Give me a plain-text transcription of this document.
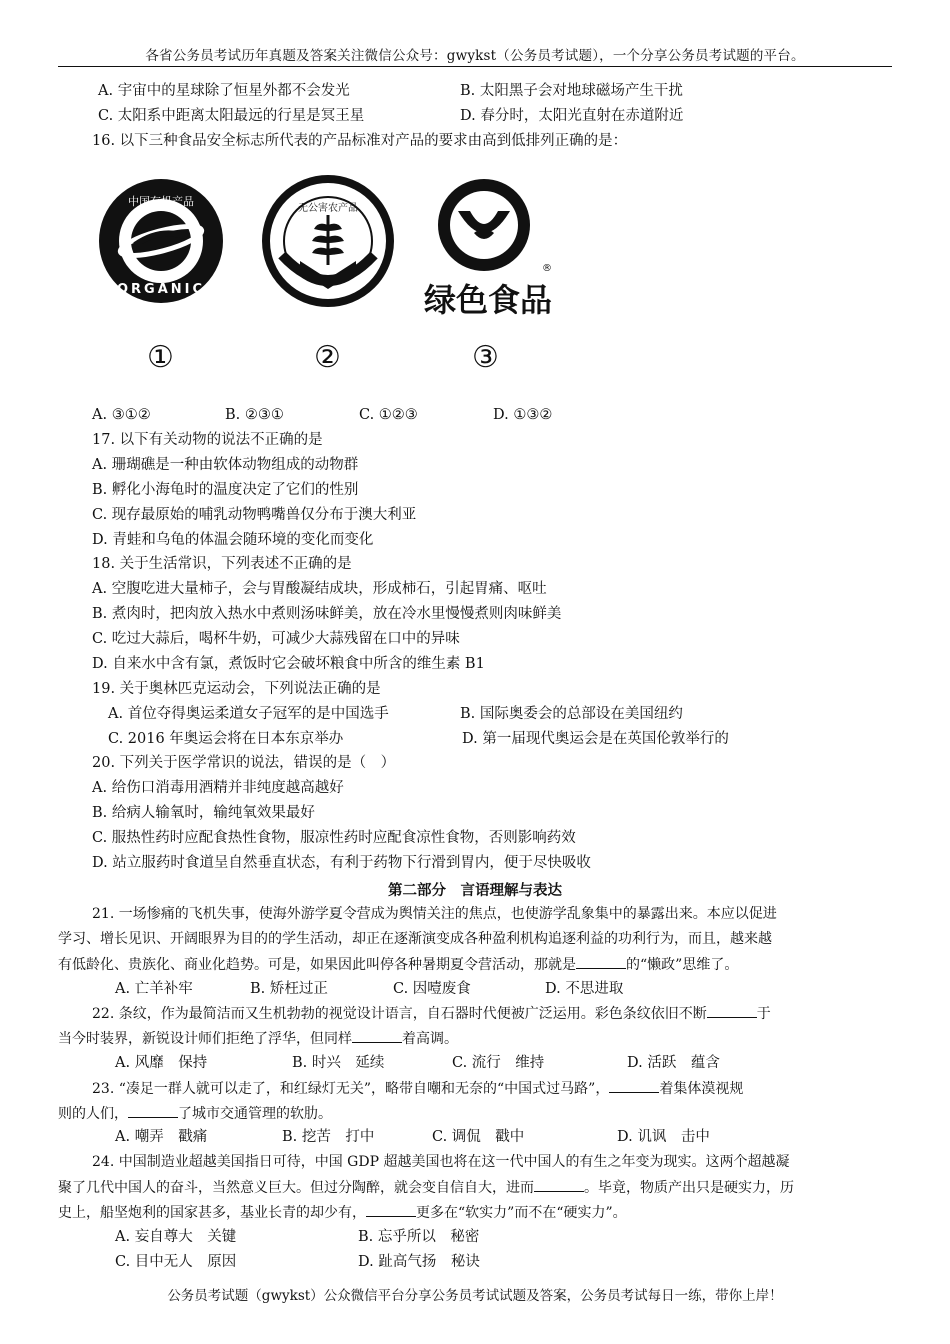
各省公务员考试历年真题及答案关注微信公众号：gwykst（公务员考试题），一个分享公务员考试题的平台。
A. 宇宙中的星球除了恒星外都不会发光	B. 太阳黑子会对地球磁场产生干扰
C. 太阳系中距离太阳最远的行星是冥王星	D. 春分时，太阳光直射在赤道附近
16. 以下三种食品安全标志所代表的产品标准对产品的要求由高到低排列正确的是：
中国有机产品
ORGANIC
无公害农产品
®
绿色食品
①	②	③
A. ③①②	B. ②③①	C. ①②③	D. ①③②
17. 以下有关动物的说法不正确的是
A. 珊瑚礁是一种由软体动物组成的动物群
B. 孵化小海龟时的温度决定了它们的性别
C. 现存最原始的哺乳动物鸭嘴兽仅分布于澳大利亚
D. 青蛙和乌龟的体温会随环境的变化而变化
18. 关于生活常识，下列表述不正确的是
A. 空腹吃进大量柿子，会与胃酸凝结成块，形成柿石，引起胃痛、呕吐
B. 煮肉时，把肉放入热水中煮则汤味鲜美，放在冷水里慢慢煮则肉味鲜美
C. 吃过大蒜后，喝杯牛奶，可减少大蒜残留在口中的异味
D. 自来水中含有氯，煮饭时它会破坏粮食中所含的维生素 B1
19. 关于奥林匹克运动会，下列说法正确的是
A. 首位夺得奥运柔道女子冠军的是中国选手	B. 国际奥委会的总部设在美国纽约
C. 2016 年奥运会将在日本东京举办	D. 第一届现代奥运会是在英国伦敦举行的
20. 下列关于医学常识的说法，错误的是（　）
A. 给伤口消毒用酒精并非纯度越高越好
B. 给病人输氧时，输纯氧效果最好
C. 服热性药时应配食热性食物，服凉性药时应配食凉性食物，否则影响药效
D. 站立服药时食道呈自然垂直状态，有利于药物下行滑到胃内，便于尽快吸收
第二部分　言语理解与表达
21. 一场惨痛的飞机失事，使海外游学夏令营成为舆情关注的焦点，也使游学乱象集中的暴露出来。本应以促进
学习、增长见识、开阔眼界为目的的学生活动，却正在逐渐演变成各种盈利机构追逐利益的功利行为，而且，越来越
有低龄化、贵族化、商业化趋势。可是，如果因此叫停各种暑期夏令营活动，那就是	的“懒政”思维了。
A. 亡羊补牢	B. 矫枉过正	C. 因噎废食	D. 不思进取
22. 条纹，作为最简洁而又生机勃勃的视觉设计语言，自石器时代便被广泛运用。彩色条纹依旧不断	于
当今时装界，新锐设计师们拒绝了浮华，但同样	着高调。
A. 风靡　保持	B. 时兴　延续	C. 流行　维持	D. 活跃　蕴含
23. “凑足一群人就可以走了，和红绿灯无关”，略带自嘲和无奈的“中国式过马路”，	着集体漠视规
则的人们，	了城市交通管理的软肋。
A. 嘲弄　戳痛	B. 挖苦　打中	C. 调侃　戳中	D. 讥讽　击中
24. 中国制造业超越美国指日可待，中国 GDP 超越美国也将在这一代中国人的有生之年变为现实。这两个超越凝
聚了几代中国人的奋斗，当然意义巨大。但过分陶醉，就会变自信自大，进而	。毕竟，物质产出只是硬实力，历
史上，船坚炮利的国家甚多，基业长青的却少有，	更多在“软实力”而不在“硬实力”。
A. 妄自尊大　关键	B. 忘乎所以　秘密
C. 目中无人　原因	D. 趾高气扬　秘诀
公务员考试题（gwykst）公众微信平台分享公务员考试试题及答案，公务员考试每日一练，带你上岸！
